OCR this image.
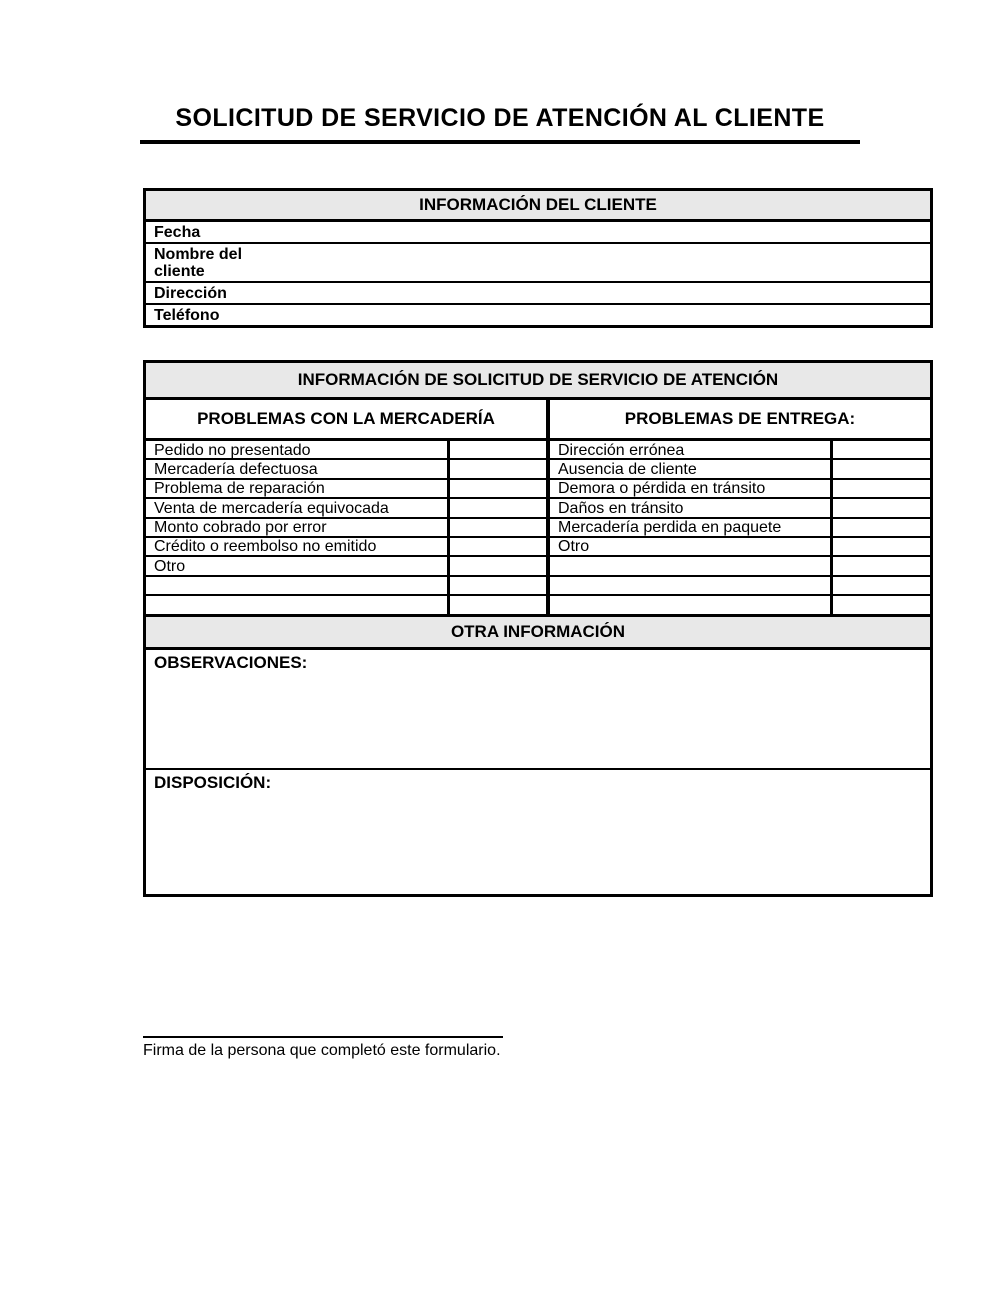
SOLICITUD DE SERVICIO DE ATENCIÓN AL CLIENTE
INFORMACIÓN DEL CLIENTE
Fecha
Nombre del cliente
Dirección
Teléfono
INFORMACIÓN DE SOLICITUD DE SERVICIO DE ATENCIÓN
PROBLEMAS CON LA MERCADERÍA	PROBLEMAS DE ENTREGA:
Pedido no presentado
Mercadería defectuosa
Problema de reparación
Venta de mercadería equivocada
Monto cobrado por error
Crédito o reembolso no emitido
Otro
Dirección errónea
Ausencia de cliente
Demora o pérdida en tránsito
Daños en tránsito
Mercadería perdida en paquete
Otro
OTRA INFORMACIÓN
OBSERVACIONES:
DISPOSICIÓN:
Firma de la persona que completó este formulario.
